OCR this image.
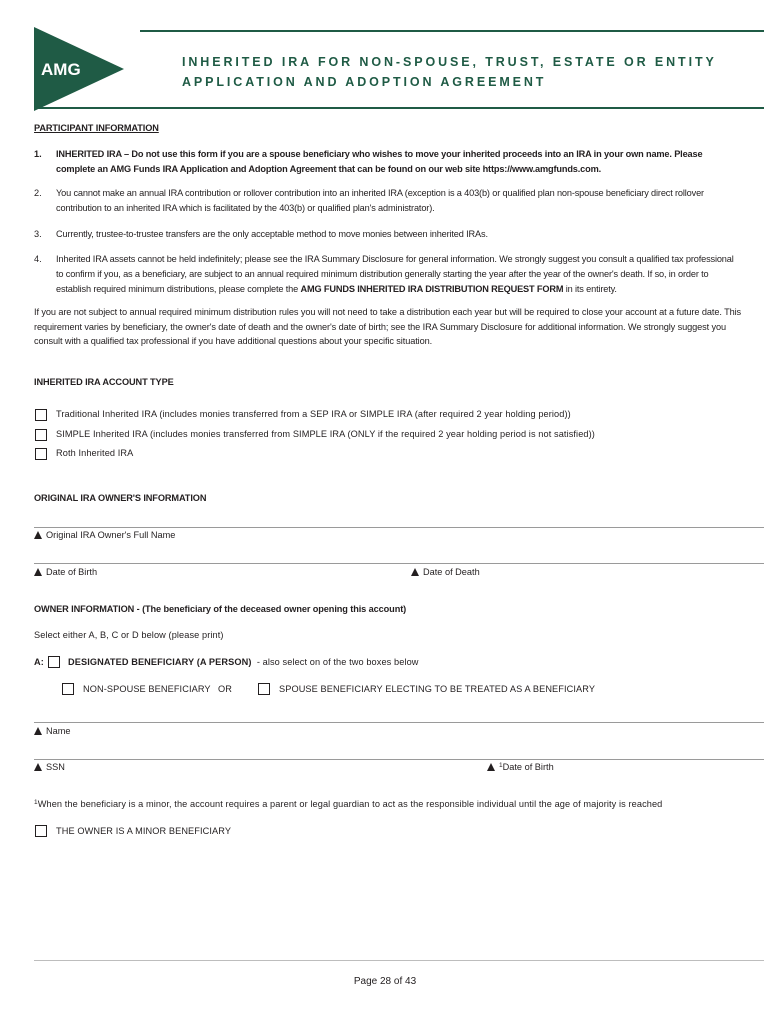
AMG	INHERITED IRA FOR NON-SPOUSE, TRUST, ESTATE OR ENTITY
APPLICATION AND ADOPTION AGREEMENT
PARTICIPANT INFORMATION
1. INHERITED IRA – Do not use this form if you are a spouse beneficiary who wishes to move your inherited proceeds into an IRA in your own name. Please complete an AMG Funds IRA Application and Adoption Agreement that can be found on our web site https://www.amgfunds.com.
2. You cannot make an annual IRA contribution or rollover contribution into an inherited IRA (exception is a 403(b) or qualified plan non-spouse beneficiary direct rollover contribution to an inherited IRA which is facilitated by the 403(b) or qualified plan's administrator).
3. Currently, trustee-to-trustee transfers are the only acceptable method to move monies between inherited IRAs.
4. Inherited IRA assets cannot be held indefinitely; please see the IRA Summary Disclosure for general information. We strongly suggest you consult a qualified tax professional to confirm if you, as a beneficiary, are subject to an annual required minimum distribution generally starting the year after the year of the owner's death. If so, in order to establish required minimum distributions, please complete the AMG FUNDS INHERITED IRA DISTRIBUTION REQUEST FORM in its entirety.
If you are not subject to annual required minimum distribution rules you will not need to take a distribution each year but will be required to close your account at a future date. This requirement varies by beneficiary, the owner's date of death and the owner's date of birth; see the IRA Summary Disclosure for additional information. We strongly suggest you consult with a qualified tax professional if you have additional questions about your specific situation.
INHERITED IRA ACCOUNT TYPE
Traditional Inherited IRA (includes monies transferred from a SEP IRA or SIMPLE IRA (after required 2 year holding period))
SIMPLE Inherited IRA (includes monies transferred from SIMPLE IRA (ONLY if the required 2 year holding period is not satisfied))
Roth Inherited IRA
ORIGINAL IRA OWNER'S INFORMATION
Original IRA Owner's Full Name
Date of Birth	Date of Death
OWNER INFORMATION - (The beneficiary of the deceased owner opening this account)
Select either A, B, C or D below (please print)
A:	DESIGNATED BENEFICIARY (A PERSON) - also select on of the two boxes below
NON-SPOUSE BENEFICIARY OR	SPOUSE BENEFICIARY ELECTING TO BE TREATED AS A BENEFICIARY
Name
SSN	$^1$Date of Birth
$^1$When the beneficiary is a minor, the account requires a parent or legal guardian to act as the responsible individual until the age of majority is reached
THE OWNER IS A MINOR BENEFICIARY
Page 28 of 43
